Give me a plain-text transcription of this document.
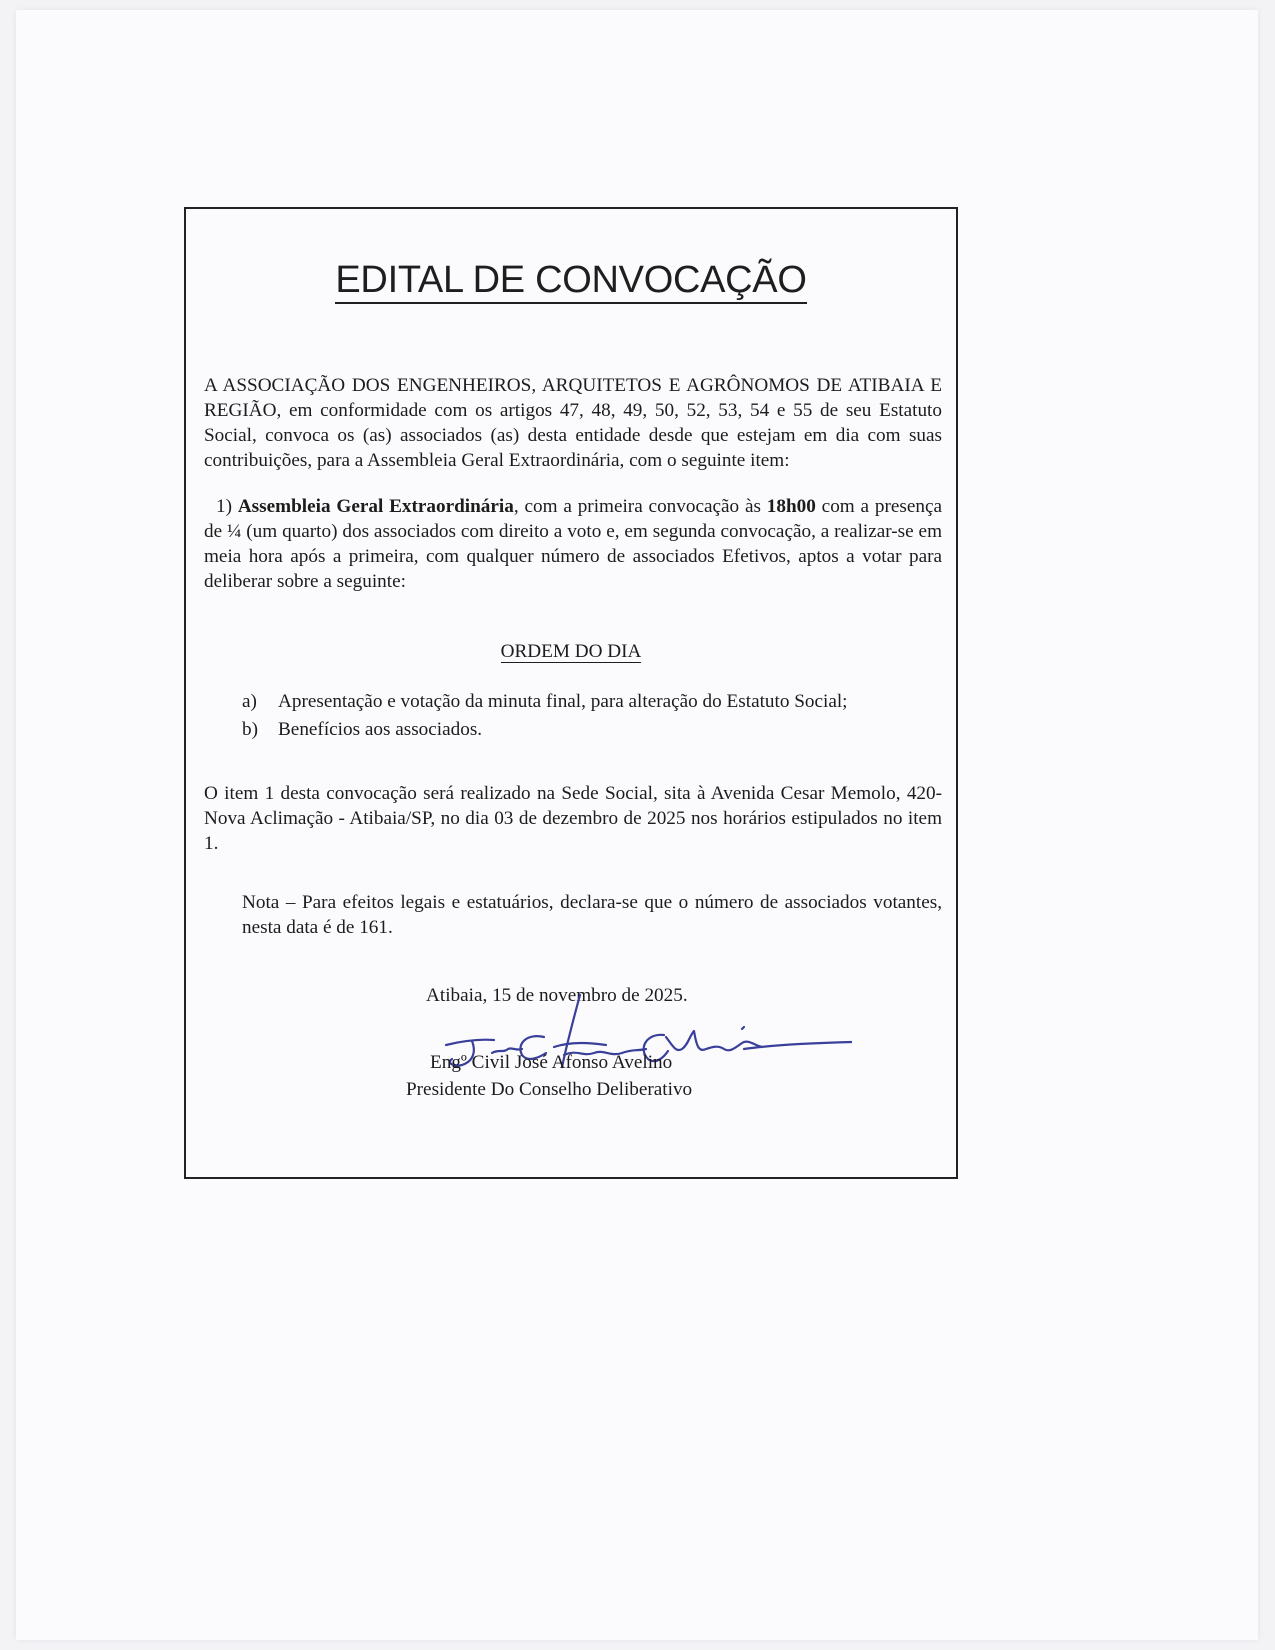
EDITAL DE CONVOCAÇÃO
A ASSOCIAÇÃO DOS ENGENHEIROS, ARQUITETOS E AGRÔNOMOS DE ATIBAIA E REGIÃO, em conformidade com os artigos 47, 48, 49, 50, 52, 53, 54 e 55 de seu Estatuto Social, convoca os (as) associados (as) desta entidade desde que estejam em dia com suas contribuições, para a Assembleia Geral Extraordinária, com o seguinte item:
1) Assembleia Geral Extraordinária, com a primeira convocação às 18h00 com a presença de ¼ (um quarto) dos associados com direito a voto e, em segunda convocação, a realizar-se em meia hora após a primeira, com qualquer número de associados Efetivos, aptos a votar para deliberar sobre a seguinte:
ORDEM DO DIA
a)	Apresentação e votação da minuta final, para alteração do Estatuto Social;
b)	Benefícios aos associados.
O item 1 desta convocação será realizado na Sede Social, sita à Avenida Cesar Memolo, 420- Nova Aclimação - Atibaia/SP, no dia 03 de dezembro de 2025 nos horários estipulados no item 1.
Nota – Para efeitos legais e estatuários, declara-se que o número de associados votantes, nesta data é de 161.
Atibaia, 15 de novembro de 2025.
Engº Civil José Afonso Avelino
Presidente Do Conselho Deliberativo
